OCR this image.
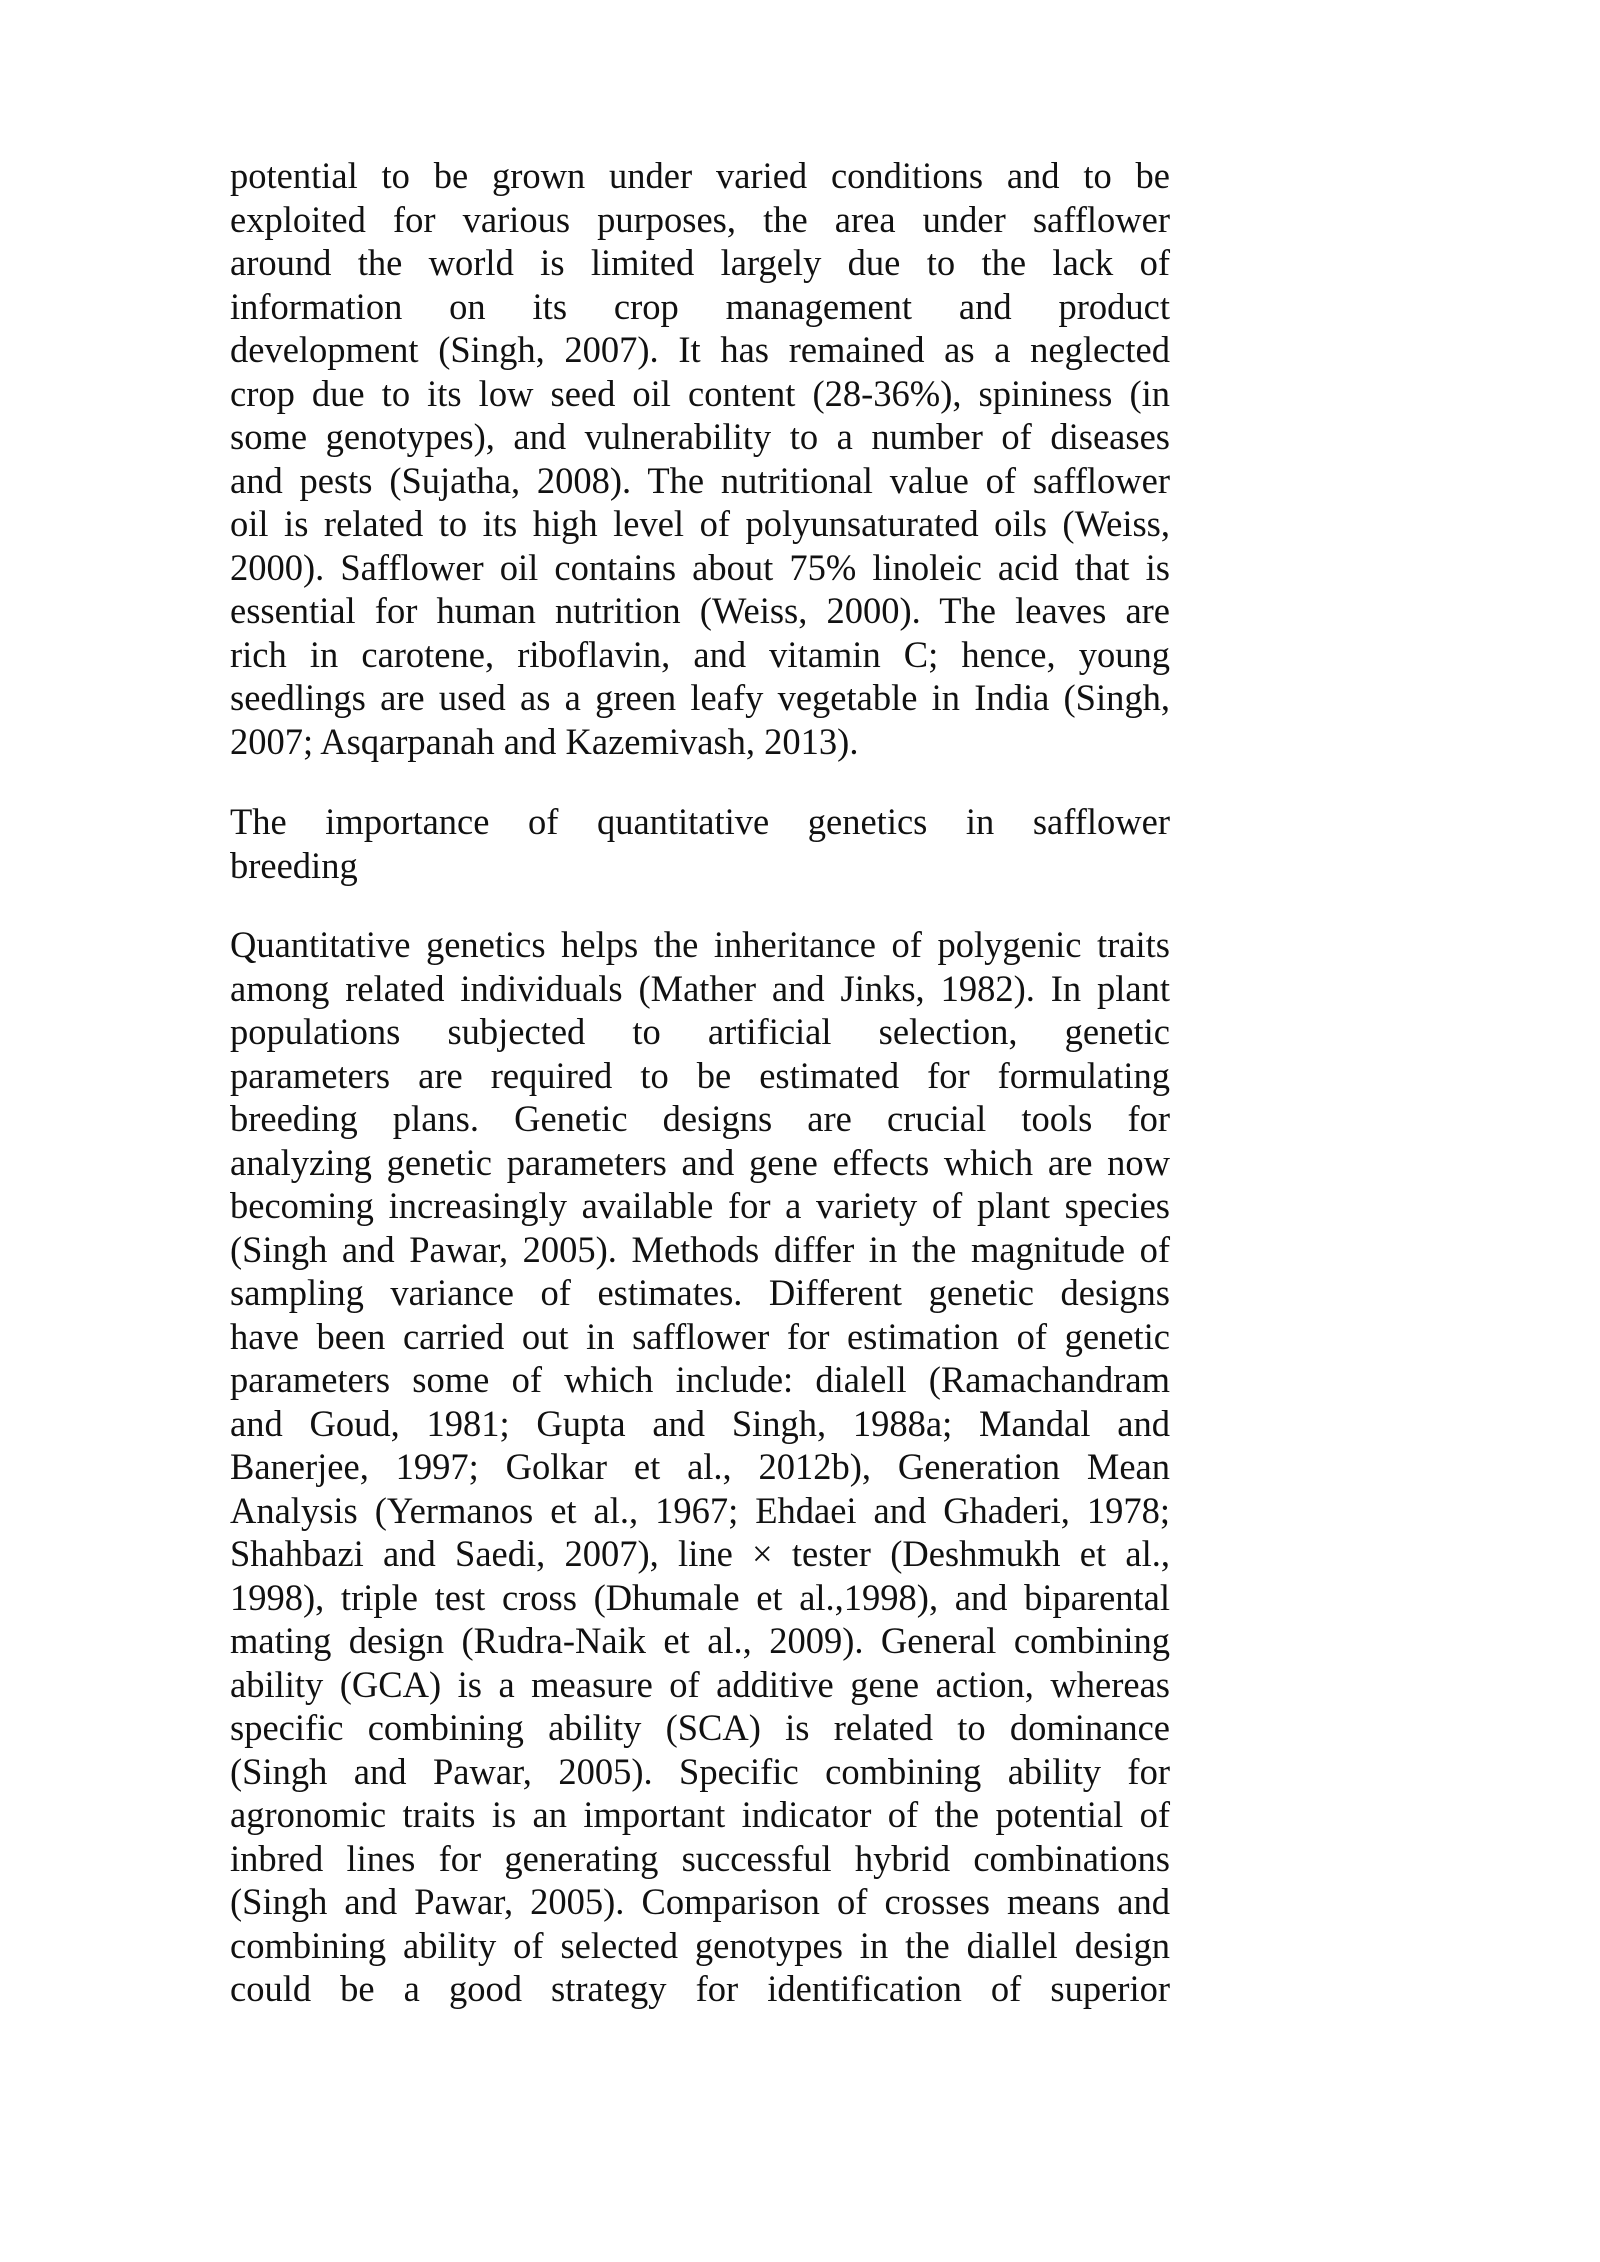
potential to be grown under varied conditions and to be
exploited for various purposes, the area under safflower
around the world is limited largely due to the lack of
information on its crop management and product
development (Singh, 2007). It has remained as a neglected
crop due to its low seed oil content (28-36%), spininess (in
some genotypes), and vulnerability to a number of diseases
and pests (Sujatha, 2008). The nutritional value of safflower
oil is related to its high level of polyunsaturated oils (Weiss,
2000). Safflower oil contains about 75% linoleic acid that is
essential for human nutrition (Weiss, 2000). The leaves are
rich in carotene, riboflavin, and vitamin C; hence, young
seedlings are used as a green leafy vegetable in India (Singh,
2007; Asqarpanah and Kazemivash, 2013).
The importance of quantitative genetics in safflower
breeding
Quantitative genetics helps the inheritance of polygenic traits
among related individuals (Mather and Jinks, 1982). In plant
populations subjected to artificial selection, genetic
parameters are required to be estimated for formulating
breeding plans. Genetic designs are crucial tools for
analyzing genetic parameters and gene effects which are now
becoming increasingly available for a variety of plant species
(Singh and Pawar, 2005). Methods differ in the magnitude of
sampling variance of estimates. Different genetic designs
have been carried out in safflower for estimation of genetic
parameters some of which include: dialell (Ramachandram
and Goud, 1981; Gupta and Singh, 1988a; Mandal and
Banerjee, 1997; Golkar et al., 2012b), Generation Mean
Analysis (Yermanos et al., 1967; Ehdaei and Ghaderi, 1978;
Shahbazi and Saedi, 2007), line × tester (Deshmukh et al.,
1998), triple test cross (Dhumale et al.,1998), and biparental
mating design (Rudra-Naik et al., 2009). General combining
ability (GCA) is a measure of additive gene action, whereas
specific combining ability (SCA) is related to dominance
(Singh and Pawar, 2005). Specific combining ability for
agronomic traits is an important indicator of the potential of
inbred lines for generating successful hybrid combinations
(Singh and Pawar, 2005). Comparison of crosses means and
combining ability of selected genotypes in the diallel design
could be a good strategy for identification of superior
